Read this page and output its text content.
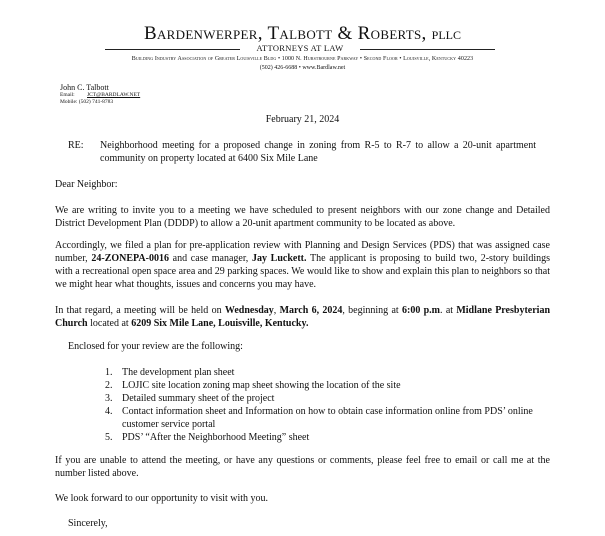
Bardenwerper, Talbott & Roberts, PLLC
ATTORNEYS AT LAW
Building Industry Association of Greater Louisville Bldg • 1000 N. Hurstbourne Parkway • Second Floor • Louisville, Kentucky 40223
(502) 426-6688 • www.Bardlaw.net
John C. Talbott
Email: JCT@BARDLAW.NET
Mobile: (502) 741-8783
February 21, 2024
RE: Neighborhood meeting for a proposed change in zoning from R-5 to R-7 to allow a 20-unit apartment community on property located at 6400 Six Mile Lane

Dear Neighbor:

We are writing to invite you to a meeting we have scheduled to present neighbors with our zone change and Detailed District Development Plan (DDDP) to allow a 20-unit apartment community to be located as above.

Accordingly, we filed a plan for pre-application review with Planning and Design Services (PDS) that was assigned case number, 24-ZONEPA-0016 and case manager, Jay Luckett. The applicant is proposing to build two, 2-story buildings with a recreational open space area and 29 parking spaces. We would like to show and explain this plan to neighbors so that we might hear what thoughts, issues and concerns you may have.

In that regard, a meeting will be held on Wednesday, March 6, 2024, beginning at 6:00 p.m. at Midlane Presbyterian Church located at 6209 Six Mile Lane, Louisville, Kentucky.

Enclosed for your review are the following:

1. The development plan sheet
2. LOJIC site location zoning map sheet showing the location of the site
3. Detailed summary sheet of the project
4. Contact information sheet and Information on how to obtain case information online from PDS’ online customer service portal
5. PDS’ “After the Neighborhood Meeting” sheet

If you are unable to attend the meeting, or have any questions or comments, please feel free to email or call me at the number listed above.

We look forward to our opportunity to visit with you.

Sincerely,
